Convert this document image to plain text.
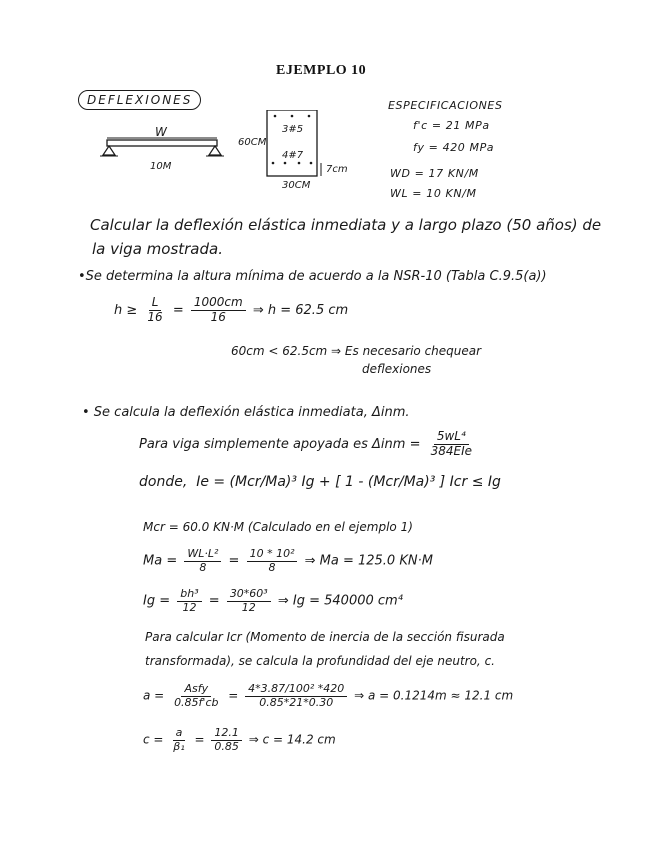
EJEMPLO 10
DEFLEXIONES
W
10M
60CM
3#5
4#7
7cm
30CM
ESPECIFICACIONES
f'c = 21 MPa
fy = 420 MPa
WD = 17 KN/M
WL = 10 KN/M
Calcular la deflexión elástica inmediata y a largo plazo (50 años) de
la viga mostrada.
•Se determina la altura mínima de acuerdo a la NSR-10 (Tabla C.9.5(a))
$h \ge \frac{L}{16} = \frac{1000cm}{16}$ ⇒ h = 62.5 cm
60cm < 62.5cm ⇒ Es necesario chequear
deflexiones
• Se calcula la deflexión elástica inmediata, Δinm.
Para viga simplemente apoyada es $\Delta inm = \frac{\text{5wL⁴}}{\text{384EIe}}$
donde, Ie = (Mcr/Ma)³ Ig + [ 1 - (Mcr/Ma)³ ] Icr ≤ Ig
Mcr = 60.0 KN·M (Calculado en el ejemplo 1)
$Ma = \frac{\text{WL·L²}}{8} = \frac{\text{10 * 10²}}{8}$ ⇒ Ma = 125.0 KN·M
$Ig = \frac{\text{bh³}}{12} = \frac{\text{30*60³}}{12}$ ⇒ Ig = 540000 cm⁴
Para calcular Icr (Momento de inercia de la sección fisurada
transformada), se calcula la profundidad del eje neutro, c.
$a = \frac{\text{Asfy}}{0.85f'cb} = \frac{\text{4*3.87/100² *420}}{0.85*21*0.30}$ ⇒ a = 0.1214m ≈ 12.1 cm
$c = \frac{a}{\text{β₁}} = \frac{12.1}{0.85}$ ⇒ c = 14.2 cm
